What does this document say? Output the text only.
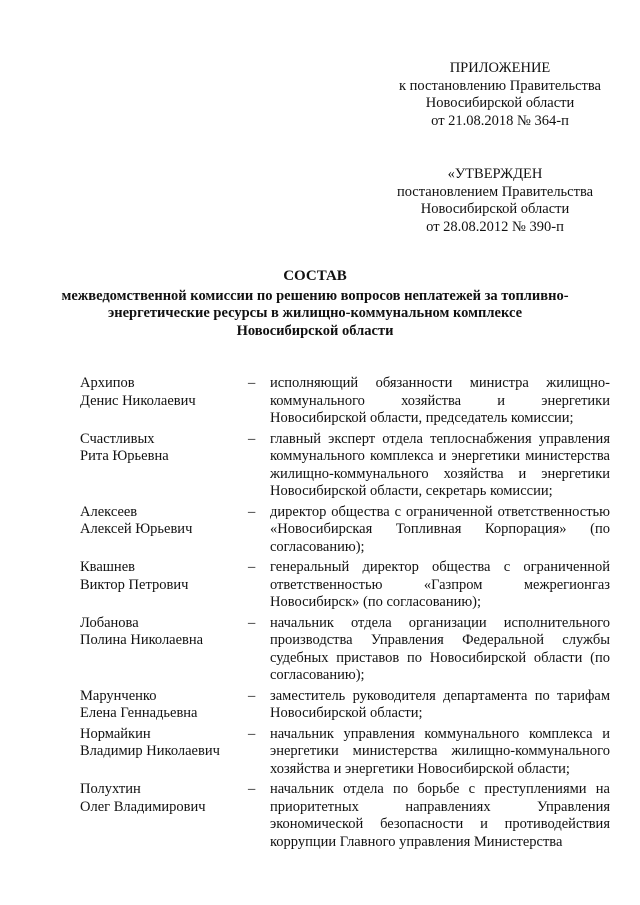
ПРИЛОЖЕНИЕ
к постановлению Правительства
Новосибирской области
от 21.08.2018 № 364-п
«УТВЕРЖДЕН
постановлением Правительства
Новосибирской области
от 28.08.2012 № 390-п
СОСТАВ
межведомственной комиссии по решению вопросов неплатежей за топливно-энергетические ресурсы в жилищно-коммунальном комплексе Новосибирской области
Архипов
Денис Николаевич
–	исполняющий обязанности министра жилищно-коммунального хозяйства и энергетики Новосибирской области, председатель комиссии;
Счастливых
Рита Юрьевна
–	главный эксперт отдела теплоснабжения управления коммунального комплекса и энергетики министерства жилищно-коммунального хозяйства и энергетики Новосибирской области, секретарь комиссии;
Алексеев
Алексей Юрьевич
–	директор общества с ограниченной ответственностью «Новосибирская Топливная Корпорация» (по согласованию);
Квашнев
Виктор Петрович
–	генеральный директор общества с ограниченной ответственностью «Газпром межрегионгаз Новосибирск» (по согласованию);
Лобанова
Полина Николаевна
–	начальник отдела организации исполнительного производства Управления Федеральной службы судебных приставов по Новосибирской области (по согласованию);
Марунченко
Елена Геннадьевна
–	заместитель руководителя департамента по тарифам Новосибирской области;
Нормайкин
Владимир Николаевич
–	начальник управления коммунального комплекса и энергетики министерства жилищно-коммунального хозяйства и энергетики Новосибирской области;
Полухтин
Олег Владимирович
–	начальник отдела по борьбе с преступлениями на приоритетных направлениях Управления экономической безопасности и противодействия коррупции Главного управления Министерства
